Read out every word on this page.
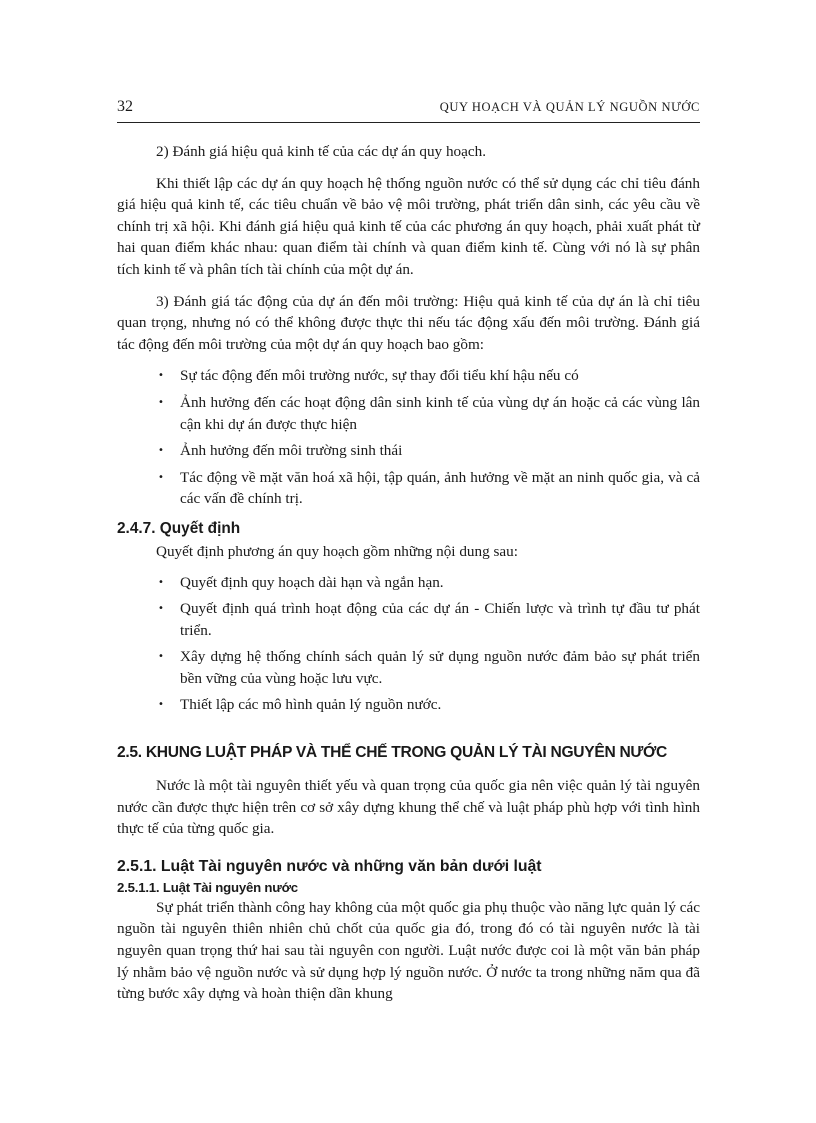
32	QUY HOẠCH VÀ QUẢN LÝ NGUỒN NƯỚC

2) Đánh giá hiệu quả kinh tế của các dự án quy hoạch.

Khi thiết lập các dự án quy hoạch hệ thống nguồn nước có thể sử dụng các chỉ tiêu đánh giá hiệu quả kinh tế, các tiêu chuẩn về bảo vệ môi trường, phát triển dân sinh, các yêu cầu về chính trị xã hội. Khi đánh giá hiệu quả kinh tế của các phương án quy hoạch, phải xuất phát từ hai quan điểm khác nhau: quan điểm tài chính và quan điểm kinh tế. Cùng với nó là sự phân tích kinh tế và phân tích tài chính của một dự án.

3) Đánh giá tác động của dự án đến môi trường: Hiệu quả kinh tế của dự án là chỉ tiêu quan trọng, nhưng nó có thể không được thực thi nếu tác động xấu đến môi trường. Đánh giá tác động đến môi trường của một dự án quy hoạch bao gồm:

• Sự tác động đến môi trường nước, sự thay đổi tiểu khí hậu nếu có
• Ảnh hưởng đến các hoạt động dân sinh kinh tế của vùng dự án hoặc cả các vùng lân cận khi dự án được thực hiện
• Ảnh hưởng đến môi trường sinh thái
• Tác động về mặt văn hoá xã hội, tập quán, ảnh hưởng về mặt an ninh quốc gia, và cả các vấn đề chính trị.
2.4.7. Quyết định

Quyết định phương án quy hoạch gồm những nội dung sau:

• Quyết định quy hoạch dài hạn và ngắn hạn.
• Quyết định quá trình hoạt động của các dự án - Chiến lược và trình tự đầu tư phát triển.
• Xây dựng hệ thống chính sách quản lý sử dụng nguồn nước đảm bảo sự phát triển bền vững của vùng hoặc lưu vực.
• Thiết lập các mô hình quản lý nguồn nước.
2.5. KHUNG LUẬT PHÁP VÀ THỂ CHẾ TRONG QUẢN LÝ TÀI NGUYÊN NƯỚC

Nước là một tài nguyên thiết yếu và quan trọng của quốc gia nên việc quản lý tài nguyên nước cần được thực hiện trên cơ sở xây dựng khung thể chế và luật pháp phù hợp với tình hình thực tế của từng quốc gia.

2.5.1. Luật Tài nguyên nước và những văn bản dưới luật
2.5.1.1. Luật Tài nguyên nước

Sự phát triển thành công hay không của một quốc gia phụ thuộc vào năng lực quản lý các nguồn tài nguyên thiên nhiên chủ chốt của quốc gia đó, trong đó có tài nguyên nước là tài nguyên quan trọng thứ hai sau tài nguyên con người. Luật nước được coi là một văn bản pháp lý nhằm bảo vệ nguồn nước và sử dụng hợp lý nguồn nước. Ở nước ta trong những năm qua đã từng bước xây dựng và hoàn thiện dần khung
